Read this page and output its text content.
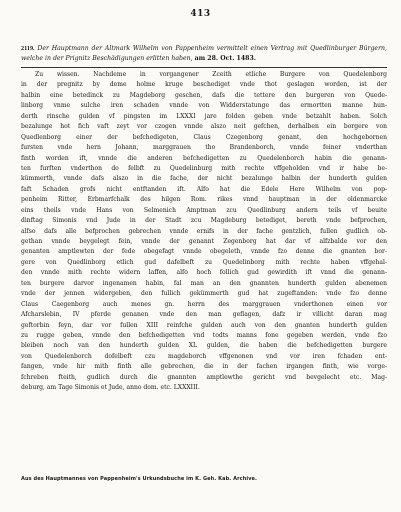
413
2119. Der Hauptmann der Altmark Wilhelm von Pappenheim vermittelt einen Vertrag mit Quedlinburger Bürgern, welche in der Prignitz Beschädigungen erlitten haben, am 28. Oct. 1483.
Zu wissen. Nachdeme in vorgangener Zceith etliche Burgere von Quedelenborg
in der pregnitz by deme holme kruge beschediget vnde thot geslagen worden, ist der
halbin eine betedinck zu Magdeborg geschen, dafs die tettere den burgeren von Quede-
linborg vnme sulche iren schaden vnnde von Widderstatunge das ermortten manne hun-
derth rinsche gulden vf pingsten im LXXXI jare folden geben vnde betzahlt haben. Solch
bezalunge hot fich vaft zeyt vor czogen vnnde alszo neit gefchen, derhalben ein borgere von
Quedlenborg einer der befchedigeten, Claus Czegenborg genant, den hochgebornen
fursten vnde hern Johann, marggrauen tho Brandenborch, vnnde feiner vnderthan
finth worden ift, vnnde die anderen befchedigetten zu Quedelenborch habin die genann-
ten furften vnderthon do felbft zu Quedelinburg mith rechte vffgeholden vnd ir habe be-
kümmerth, vnnde dafs alszo in die fache, der nicht bezalunge halbin der hunderth gulden
faft Schaden grofs nicht entftanden ift. Alfo hat die Edele Here Wilhelm von pop-
penheim Ritter, Erbmarfchalk des hilgen Rom. rikes vnnd hauptman in der oldenmarcke
eins theils vnde Hans von Selmenich Amptman zcu Quedlinburg andern teils vf beuite
dinftag Simonis vnd Jude in der Stadt zcu Magdeburg betediget, bereth vnde befprochen,
alfso dafs alle befprochen gebrechen vnnde ernifs in der fache gentzlich, fullen gudlich ob-
gethan vnnde beygelegt fein, vnnde der genannt Zegenborg hat dar vf alfzbalde vor den
genanten amptlewten der fede obegefagt vnnde obegeleth, vnnde fzo denne die gnanten bor-
gere von Quedlinborg etlich gud dafelbeft zu Quedelinborg mith rechte haben vffgehal-
den vnnde mith rechte widern laffen, alfo hoch follich gud gewirdith ift vnnd die genann-
ten burgere darvor ingenamen habin, fal man an den gnannten hunderth gulden abenemen
vnde der jennen widergeben, den fullich gekümmerth gud hat zugeftanden: vnde fzo denne
Claus Caegenborg auch menes gn. herrn des marggrauen vnderthonen einen vor
Afcharslebin, IV pferde genanen vnde den man geflagen, dafz ir villicht daran mag
geftorbin feyn, dar vor fullen XIII reinfche gulden auch von den gnanten hunderth gulden
zu rugge geben, vnnde den befchedigetten vnd todts manns fone gegeben werden, vnde fzo
bleiben noch van den hunderth gulden XL gulden, die haben die befchedigetten burgere
von Quedelenborch dofelbeft czu magdeborch vffgenonen vnd vor iren fchaden ent-
fangen, vnde hir mith finth alle gebrechen, die in der fachen irgangen finth, wie vorge-
fchreben fteith, gudlich durch die gnannten amptlewthe gericht vnd bevgelecht etc. Mag-
deburg, am Tage Simonis et Jude, anno dom. etc. LXXXIII.
Aus des Hauptmannes von Pappenheim's Urkundsbuche im K. Geh. Kab. Archive.
